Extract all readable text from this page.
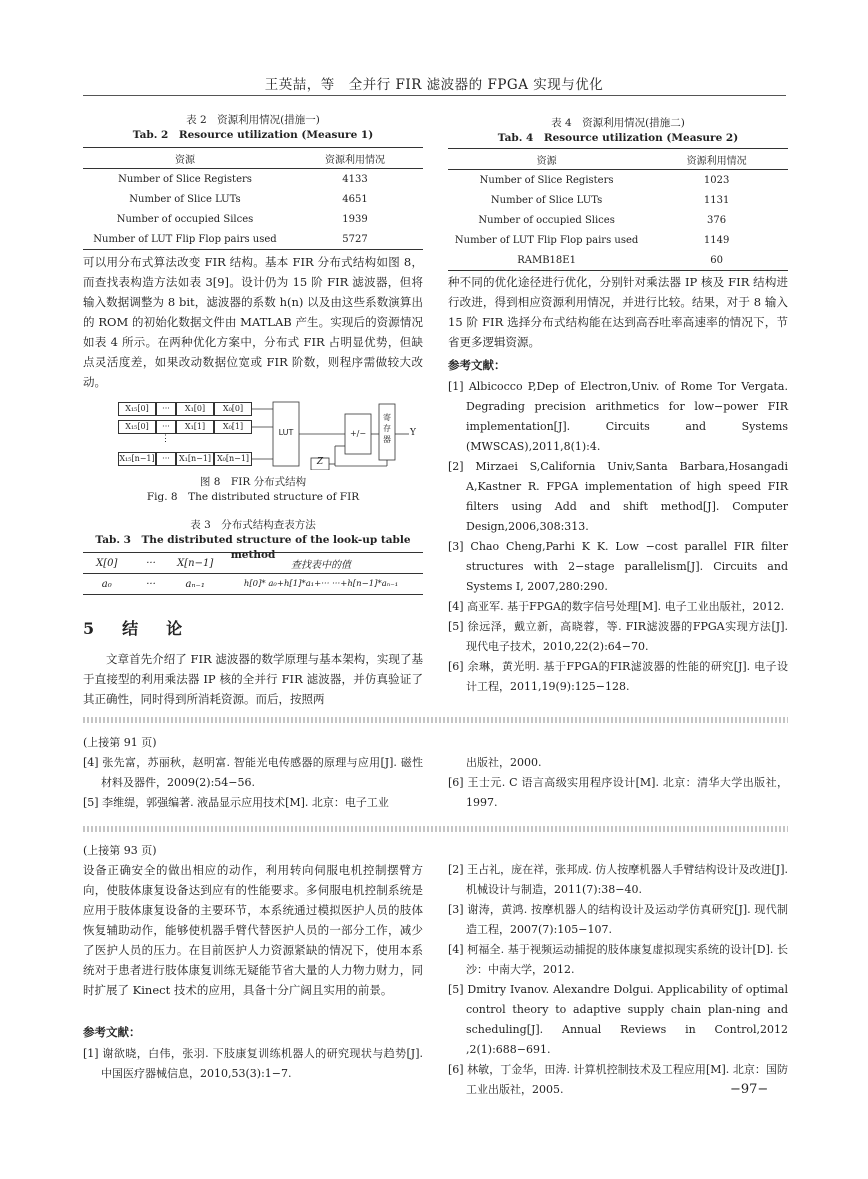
王英喆，等　全并行 FIR 滤波器的 FPGA 实现与优化
表 2　资源利用情况(措施一)
Tab. 2　Resource utilization (Measure 1)
资源	资源利用情况
Number of Slice Registers	4133
Number of Slice LUTs	4651
Number of occupied Silces	1939
Number of LUT Flip Flop pairs used	5727
表 4　资源利用情况(措施二)
Tab. 4　Resource utilization (Measure 2)
资源	资源利用情况
Number of Slice Registers	1023
Number of Slice LUTs	1131
Number of occupied Slices	376
Number of LUT Flip Flop pairs used	1149
RAMB18E1	60

可以用分布式算法改变 FIR 结构。基本 FIR 分布式结构如图 8，而查找表构造方法如表 3[9]。设计仍为 15 阶 FIR 滤波器，但将输入数据调整为 8 bit，滤波器的系数 h(n) 以及由这些系数演算出的 ROM 的初始化数据文件由 MATLAB 产生。实现后的资源情况如表 4 所示。在两种优化方案中，分布式 FIR 占明显优势，但缺点灵活度差，如果改动数据位宽或 FIR 阶数，则程序需做较大改动。

X₁₅[0]	···	X₁[0]	X₀[0]
X₁₅[0]	···	X₁[1]	X₀[1]
⋮
X₁₅[n−1] ···	X₁[n−1] X₀[n−1]
LUT	+/−
寄
存
器
Z
Y
图 8　FIR 分布式结构
Fig. 8　The distributed structure of FIR
表 3　分布式结构查表方法
Tab. 3　The distributed structure of the look-up table method
X[0]	···	X[n−1]	查找表中的值
a₀	···	aₙ₋₁	h[0]* a₀+h[1]*a₁+··· ···+h[n−1]*aₙ₋₁
5　结　论

文章首先介绍了 FIR 滤波器的数学原理与基本架构，实现了基于直接型的利用乘法器 IP 核的全并行 FIR 滤波器，并仿真验证了其正确性，同时得到所消耗资源。而后，按照两

种不同的优化途径进行优化，分别针对乘法器 IP 核及 FIR 结构进行改进，得到相应资源利用情况，并进行比较。结果，对于 8 输入 15 阶 FIR 选择分布式结构能在达到高吞吐率高速率的情况下，节省更多逻辑资源。

参考文献：

[1] Albicocco P,Dep of Electron,Univ. of Rome Tor Vergata. Degrading precision arithmetics for low−power FIR implementation[J]. Circuits and Systems (MWSCAS),2011,8(1):4.

[2] Mirzaei S,California Univ,Santa Barbara,Hosangadi A,Kastner R. FPGA implementation of high speed FIR filters using Add and shift method[J]. Computer Design,2006,308:313.

[3] Chao Cheng,Parhi K K. Low −cost parallel FIR filter structures with 2−stage parallelism[J]. Circuits and Systems I, 2007,280:290.

[4] 高亚军. 基于FPGA的数字信号处理[M]. 电子工业出版社，2012.

[5] 徐远泽，戴立新，高晓蓉，等. FIR滤波器的FPGA实现方法[J]. 现代电子技术，2010,22(2):64−70.

[6] 余琳，黄光明. 基于FPGA的FIR滤波器的性能的研究[J]. 电子设计工程，2011,19(9):125−128.

(上接第 91 页)

[4] 张先富，苏丽秋，赵明富. 智能光电传感器的原理与应用[J]. 磁性材料及器件，2009(2):54−56.

[5] 李维缇，郭强编著. 液晶显示应用技术[M]. 北京：电子工业

出版社，2000.

[6] 王士元. C 语言高级实用程序设计[M]. 北京：清华大学出版社，1997.

(上接第 93 页)

设备正确安全的做出相应的动作，利用转向伺服电机控制摆臂方向，使肢体康复设备达到应有的性能要求。多伺服电机控制系统是应用于肢体康复设备的主要环节，本系统通过模拟医护人员的肢体恢复辅助动作，能够使机器手臂代替医护人员的一部分工作，减少了医护人员的压力。在目前医护人力资源紧缺的情况下，使用本系统对于患者进行肢体康复训练无疑能节省大量的人力物力财力，同时扩展了 Kinect 技术的应用，具备十分广阔且实用的前景。

参考文献：

[1] 谢欲晓，白伟，张羽. 下肢康复训练机器人的研究现状与趋势[J]. 中国医疗器械信息，2010,53(3):1−7.

[2] 王占礼，庞在祥，张邦成. 仿人按摩机器人手臂结构设计及改进[J]. 机械设计与制造，2011(7):38−40.

[3] 谢涛，黄鸿. 按摩机器人的结构设计及运动学仿真研究[J]. 现代制造工程，2007(7):105−107.

[4] 柯福全. 基于视频运动捕捉的肢体康复虚拟现实系统的设计[D]. 长沙：中南大学，2012.

[5] Dmitry Ivanov. Alexandre Dolgui. Applicability of optimal control theory to adaptive supply chain plan-ning and scheduling[J]. Annual Reviews in Control,2012 ,2(1):688−691.

[6] 林敏，丁金华，田涛. 计算机控制技术及工程应用[M]. 北京：国防工业出版社，2005.	−97−
